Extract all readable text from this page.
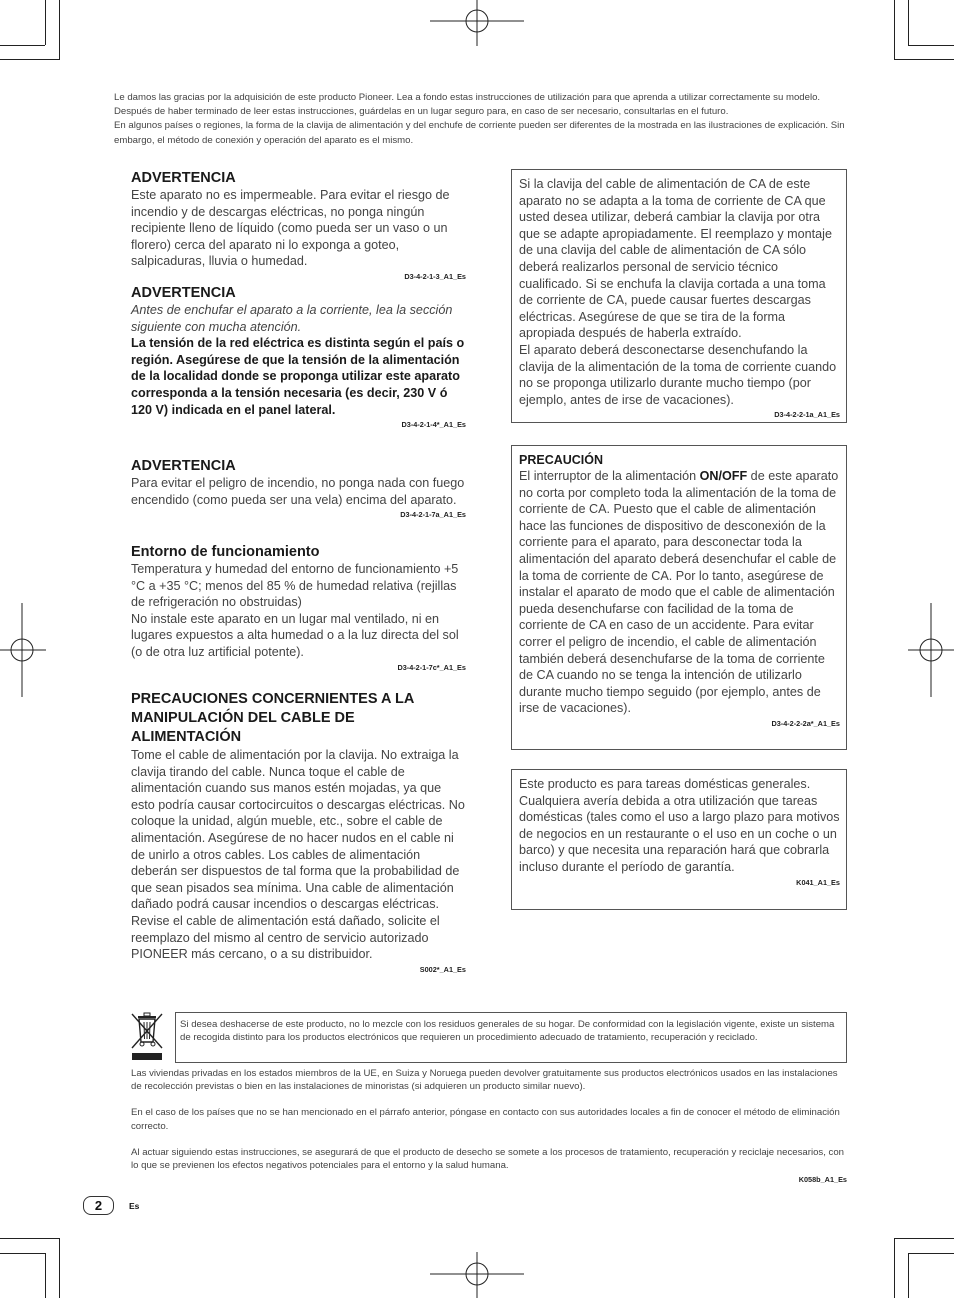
Le damos las gracias por la adquisición de este producto Pioneer. Lea a fondo estas instrucciones de utilización para que aprenda a utilizar correctamente su modelo. Después de haber terminado de leer estas instrucciones, guárdelas en un lugar seguro para, en caso de ser necesario, consultarlas en el futuro.

En algunos países o regiones, la forma de la clavija de alimentación y del enchufe de corriente pueden ser diferentes de la mostrada en las ilustraciones de explicación. Sin embargo, el método de conexión y operación del aparato es el mismo.

ADVERTENCIA

Este aparato no es impermeable. Para evitar el riesgo de incendio y de descargas eléctricas, no ponga ningún recipiente lleno de líquido (como pueda ser un vaso o un florero) cerca del aparato ni lo exponga a goteo, salpicaduras, lluvia o humedad.

D3-4-2-1-3_A1_Es

ADVERTENCIA

Antes de enchufar el aparato a la corriente, lea la sección siguiente con mucha atención.

La tensión de la red eléctrica es distinta según el país o región. Asegúrese de que la tensión de la alimentación de la localidad donde se proponga utilizar este aparato corresponda a la tensión necesaria (es decir, 230 V ó 120 V) indicada en el panel lateral.

D3-4-2-1-4*_A1_Es

ADVERTENCIA

Para evitar el peligro de incendio, no ponga nada con fuego encendido (como pueda ser una vela) encima del aparato.

D3-4-2-1-7a_A1_Es

Entorno de funcionamiento

Temperatura y humedad del entorno de funcionamiento +5 °C a +35 °C; menos del 85 % de humedad relativa (rejillas de refrigeración no obstruidas)

No instale este aparato en un lugar mal ventilado, ni en lugares expuestos a alta humedad o a la luz directa del sol (o de otra luz artificial potente).

D3-4-2-1-7c*_A1_Es

PRECAUCIONES CONCERNIENTES A LA MANIPULACIÓN DEL CABLE DE ALIMENTACIÓN

Tome el cable de alimentación por la clavija. No extraiga la clavija tirando del cable. Nunca toque el cable de alimentación cuando sus manos estén mojadas, ya que esto podría causar cortocircuitos o descargas eléctricas. No coloque la unidad, algún mueble, etc., sobre el cable de alimentación. Asegúrese de no hacer nudos en el cable ni de unirlo a otros cables. Los cables de alimentación deberán ser dispuestos de tal forma que la probabilidad de que sean pisados sea mínima. Una cable de alimentación dañado podrá causar incendios o descargas eléctricas. Revise el cable de alimentación está dañado, solicite el reemplazo del mismo al centro de servicio autorizado PIONEER más cercano, o a su distribuidor.

S002*_A1_Es

Si la clavija del cable de alimentación de CA de este aparato no se adapta a la toma de corriente de CA que usted desea utilizar, deberá cambiar la clavija por otra que se adapte apropiadamente. El reemplazo y montaje de una clavija del cable de alimentación de CA sólo deberá realizarlos personal de servicio técnico cualificado. Si se enchufa la clavija cortada a una toma de corriente de CA, puede causar fuertes descargas eléctricas. Asegúrese de que se tira de la forma apropiada después de haberla extraído.

El aparato deberá desconectarse desenchufando la clavija de la alimentación de la toma de corriente cuando no se proponga utilizarlo durante mucho tiempo (por ejemplo, antes de irse de vacaciones).

D3-4-2-2-1a_A1_Es

PRECAUCIÓN

El interruptor de la alimentación ON/OFF de este aparato no corta por completo toda la alimentación de la toma de corriente de CA. Puesto que el cable de alimentación hace las funciones de dispositivo de desconexión de la corriente para el aparato, para desconectar toda la alimentación del aparato deberá desenchufar el cable de la toma de corriente de CA. Por lo tanto, asegúrese de instalar el aparato de modo que el cable de alimentación pueda desenchufarse con facilidad de la toma de corriente de CA en caso de un accidente. Para evitar correr el peligro de incendio, el cable de alimentación también deberá desenchufarse de la toma de corriente de CA cuando no se tenga la intención de utilizarlo durante mucho tiempo seguido (por ejemplo, antes de irse de vacaciones).

D3-4-2-2-2a*_A1_Es

Este producto es para tareas domésticas generales. Cualquiera avería debida a otra utilización que tareas domésticas (tales como el uso a largo plazo para motivos de negocios en un restaurante o el uso en un coche o un barco) y que necesita una reparación hará que cobrarla incluso durante el período de garantía.

K041_A1_Es

Si desea deshacerse de este producto, no lo mezcle con los residuos generales de su hogar. De conformidad con la legislación vigente, existe un sistema de recogida distinto para los productos electrónicos que requieren un procedimiento adecuado de tratamiento, recuperación y reciclado.

Las viviendas privadas en los estados miembros de la UE, en Suiza y Noruega pueden devolver gratuitamente sus productos electrónicos usados en las instalaciones de recolección previstas o bien en las instalaciones de minoristas (si adquieren un producto similar nuevo).

En el caso de los países que no se han mencionado en el párrafo anterior, póngase en contacto con sus autoridades locales a fin de conocer el método de eliminación correcto.

Al actuar siguiendo estas instrucciones, se asegurará de que el producto de desecho se somete a los procesos de tratamiento, recuperación y reciclaje necesarios, con lo que se previenen los efectos negativos potenciales para el entorno y la salud humana.

K058b_A1_Es

2	Es
